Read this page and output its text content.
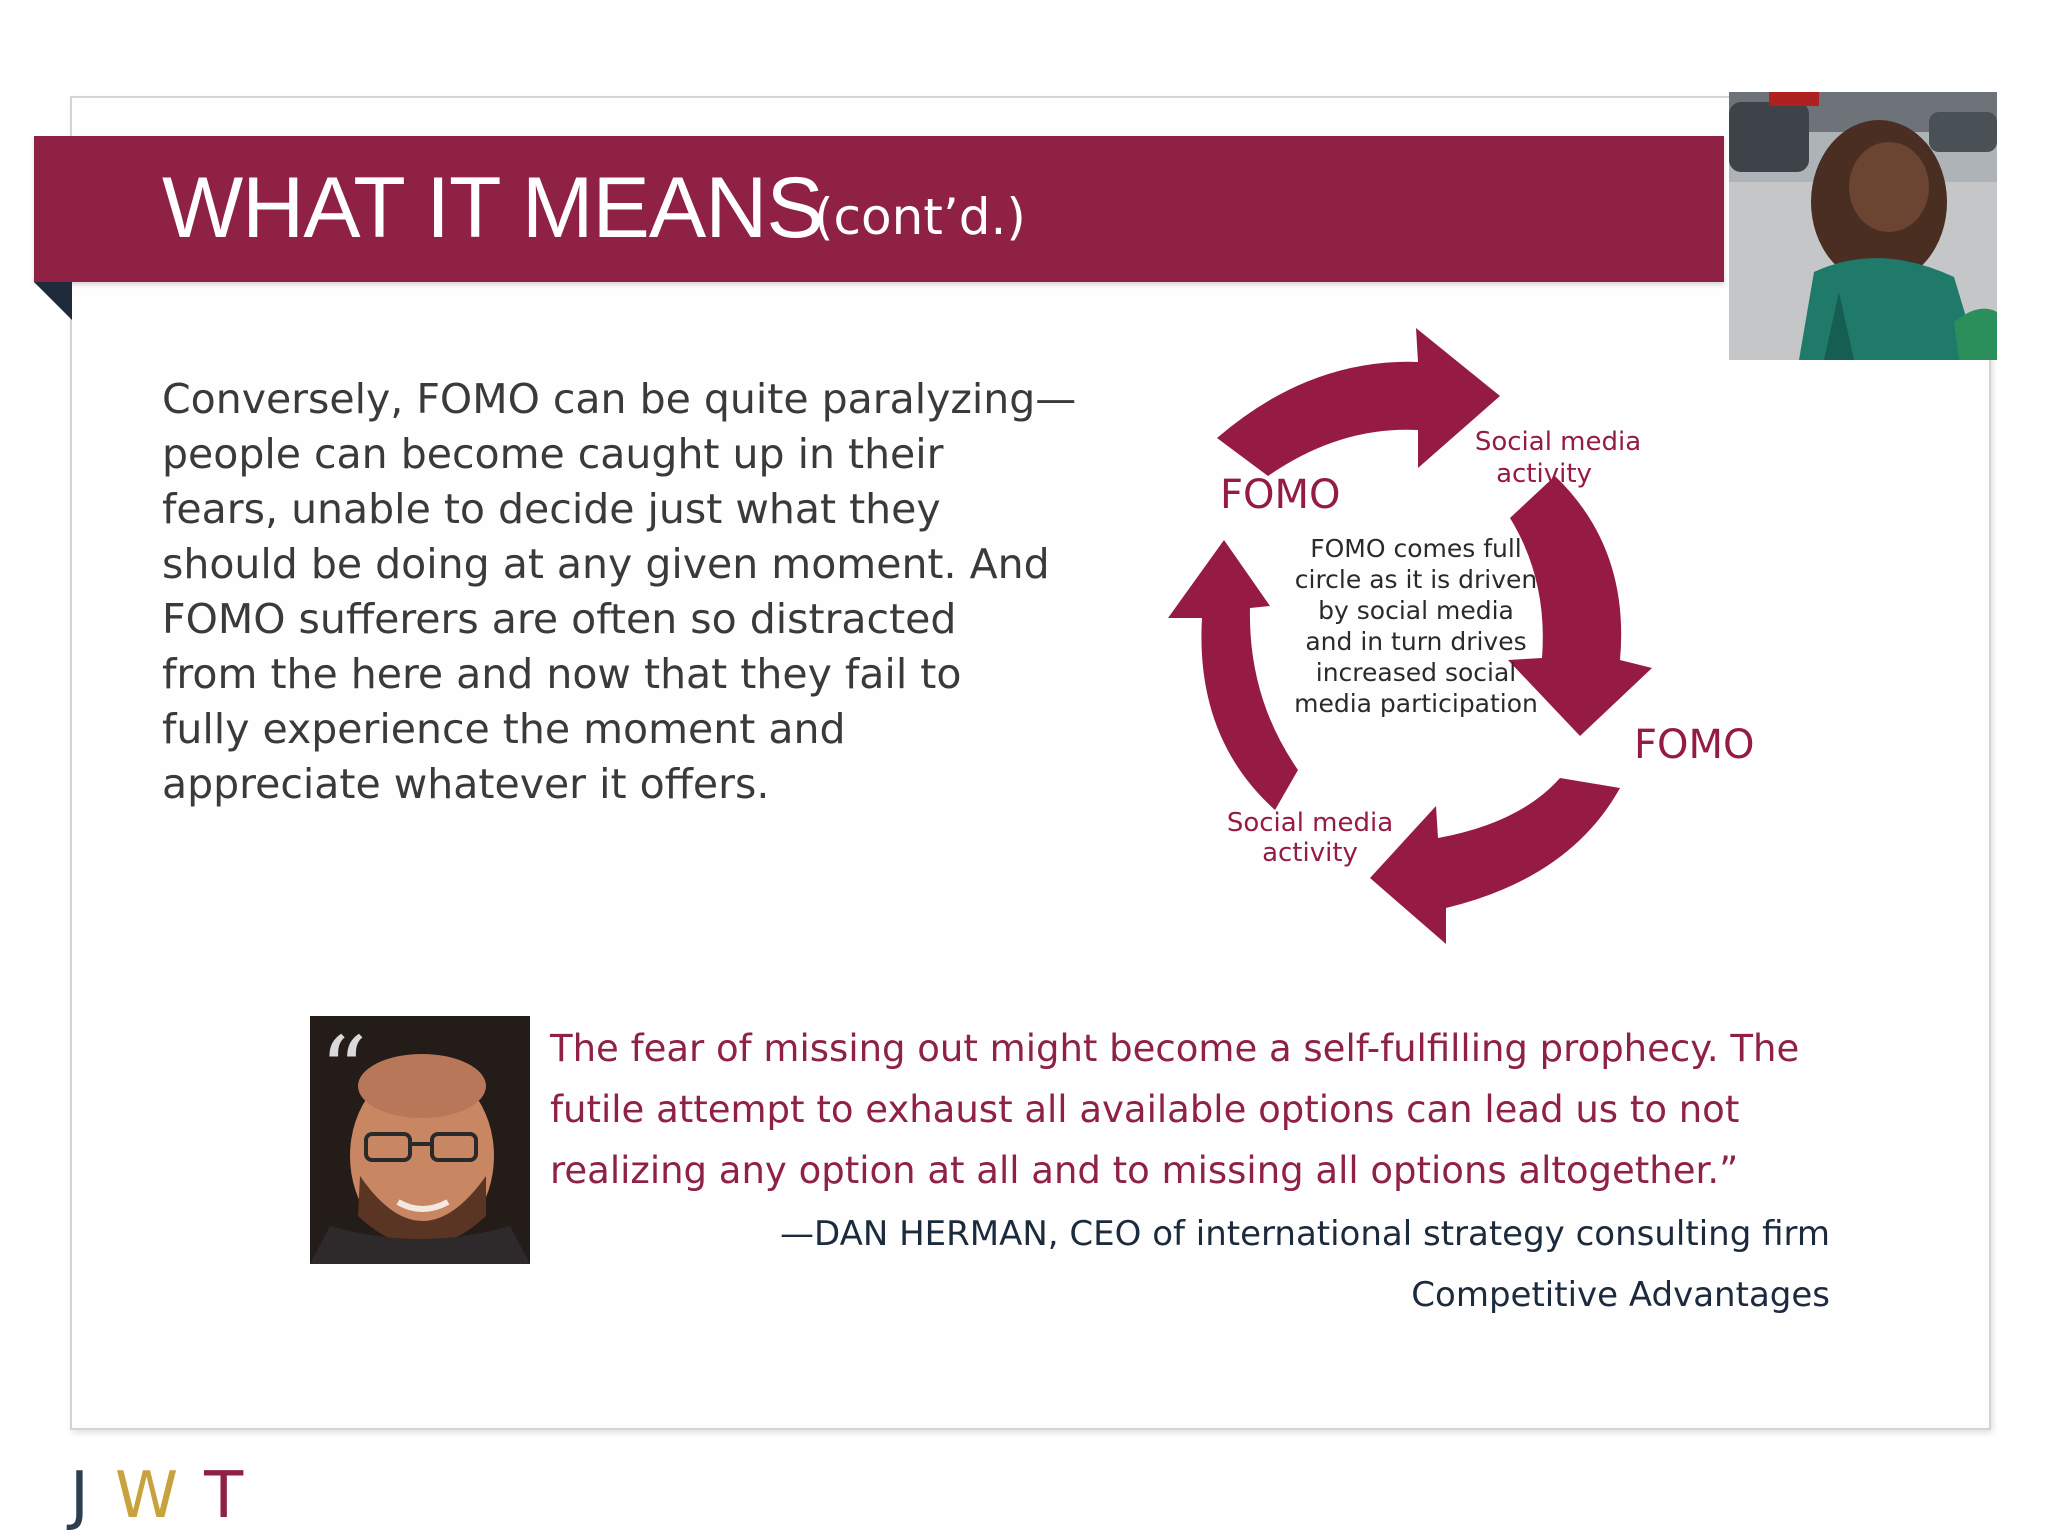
WHAT IT MEANS
(cont’d.)
Conversely, FOMO can be quite paralyzing—
people can become caught up in their
fears, unable to decide just what they
should be doing at any given moment. And
FOMO sufferers are often so distracted
from the here and now that they fail to
fully experience the moment and
appreciate whatever it offers.
FOMO
FOMO
Social media
activity
Social media
activity
FOMO comes full
circle as it is driven
by social media
and in turn drives
increased social
media participation
“	The fear of missing out might become a self-fulfilling prophecy. The
futile attempt to exhaust all available options can lead us to not
realizing any option at all and to missing all options altogether.”
—DAN HERMAN, CEO of international strategy consulting firm
Competitive Advantages
J W T
